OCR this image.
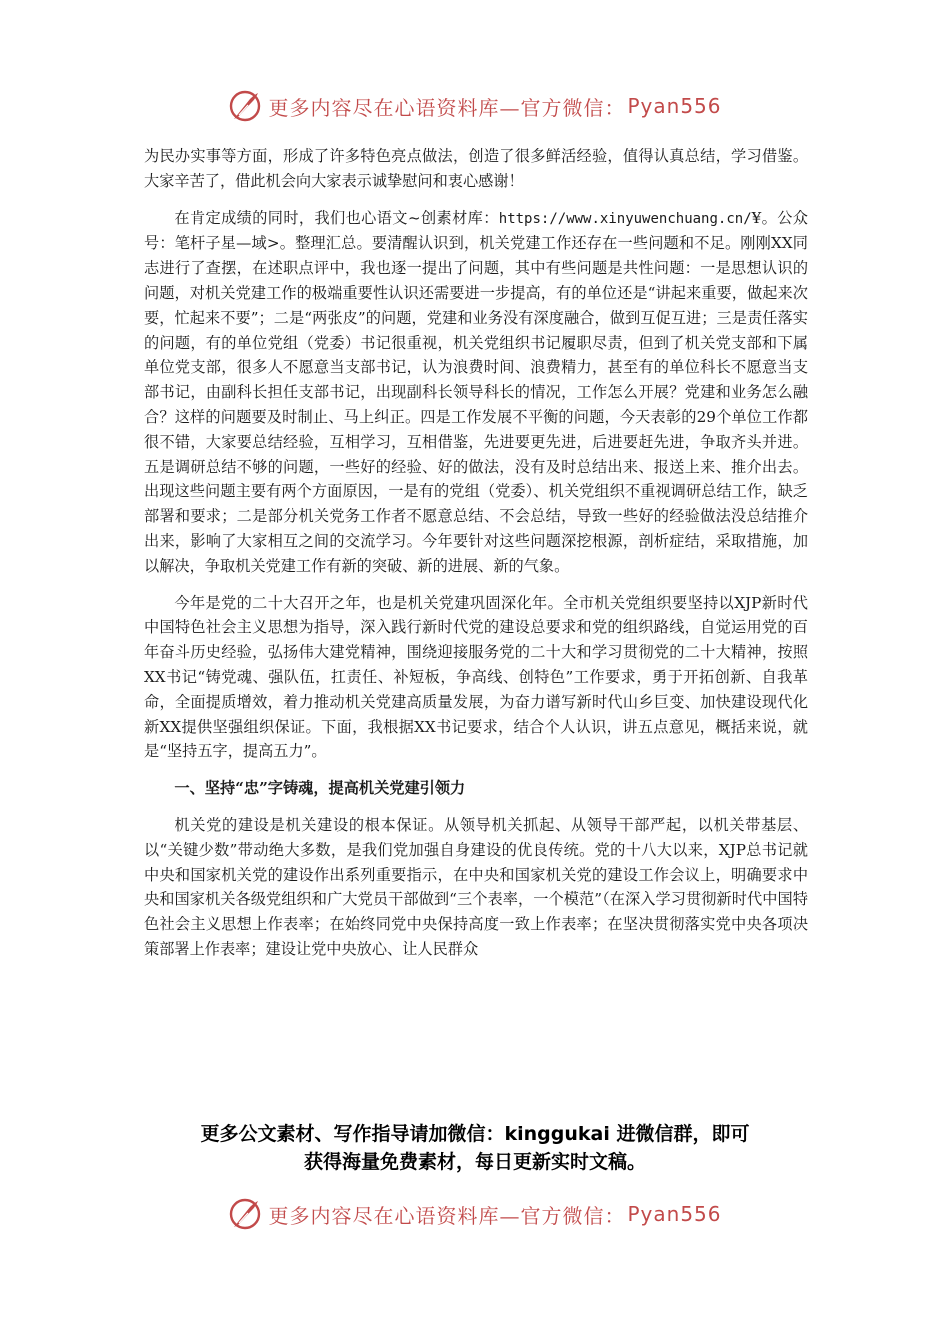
更多内容尽在心语资料库—官方微信： Pyan556

为民办实事等方面，形成了许多特色亮点做法，创造了很多鲜活经验，值得认真总结，学习借鉴。大家辛苦了，借此机会向大家表示诚挚慰问和衷心感谢！

在肯定成绩的同时，我们也心语文~创素材库：https://www.xinyuwenchuang.cn/¥。公众号：笔杆子星—域>。整理汇总。要清醒认识到，机关党建工作还存在一些问题和不足。刚刚XX同志进行了查摆，在述职点评中，我也逐一提出了问题，其中有些问题是共性问题：一是思想认识的问题，对机关党建工作的极端重要性认识还需要进一步提高，有的单位还是“讲起来重要，做起来次要，忙起来不要”；二是“两张皮”的问题，党建和业务没有深度融合，做到互促互进；三是责任落实的问题，有的单位党组（党委）书记很重视，机关党组织书记履职尽责，但到了机关党支部和下属单位党支部，很多人不愿意当支部书记，认为浪费时间、浪费精力，甚至有的单位科长不愿意当支部书记，由副科长担任支部书记，出现副科长领导科长的情况，工作怎么开展？党建和业务怎么融合？这样的问题要及时制止、马上纠正。四是工作发展不平衡的问题，今天表彰的29个单位工作都很不错，大家要总结经验，互相学习，互相借鉴，先进要更先进，后进要赶先进，争取齐头并进。五是调研总结不够的问题，一些好的经验、好的做法，没有及时总结出来、报送上来、推介出去。出现这些问题主要有两个方面原因，一是有的党组（党委）、机关党组织不重视调研总结工作，缺乏部署和要求；二是部分机关党务工作者不愿意总结、不会总结，导致一些好的经验做法没总结推介出来，影响了大家相互之间的交流学习。今年要针对这些问题深挖根源，剖析症结，采取措施，加以解决，争取机关党建工作有新的突破、新的进展、新的气象。

今年是党的二十大召开之年，也是机关党建巩固深化年。全市机关党组织要坚持以XJP新时代中国特色社会主义思想为指导，深入践行新时代党的建设总要求和党的组织路线，自觉运用党的百年奋斗历史经验，弘扬伟大建党精神，围绕迎接服务党的二十大和学习贯彻党的二十大精神，按照XX书记“铸党魂、强队伍，扛责任、补短板，争高线、创特色”工作要求，勇于开拓创新、自我革命，全面提质增效，着力推动机关党建高质量发展，为奋力谱写新时代山乡巨变、加快建设现代化新XX提供坚强组织保证。下面，我根据XX书记要求，结合个人认识，讲五点意见，概括来说，就是“坚持五字，提高五力”。

一、坚持“忠”字铸魂，提高机关党建引领力

机关党的建设是机关建设的根本保证。从领导机关抓起、从领导干部严起，以机关带基层、以“关键少数”带动绝大多数，是我们党加强自身建设的优良传统。党的十八大以来，XJP总书记就中央和国家机关党的建设作出系列重要指示，在中央和国家机关党的建设工作会议上，明确要求中央和国家机关各级党组织和广大党员干部做到“三个表率，一个模范”（在深入学习贯彻新时代中国特色社会主义思想上作表率；在始终同党中央保持高度一致上作表率；在坚决贯彻落实党中央各项决策部署上作表率；建设让党中央放心、让人民群众

更多公文素材、写作指导请加微信：kinggukai 进微信群，即可
获得海量免费素材，每日更新实时文稿。
更多内容尽在心语资料库—官方微信： Pyan556
